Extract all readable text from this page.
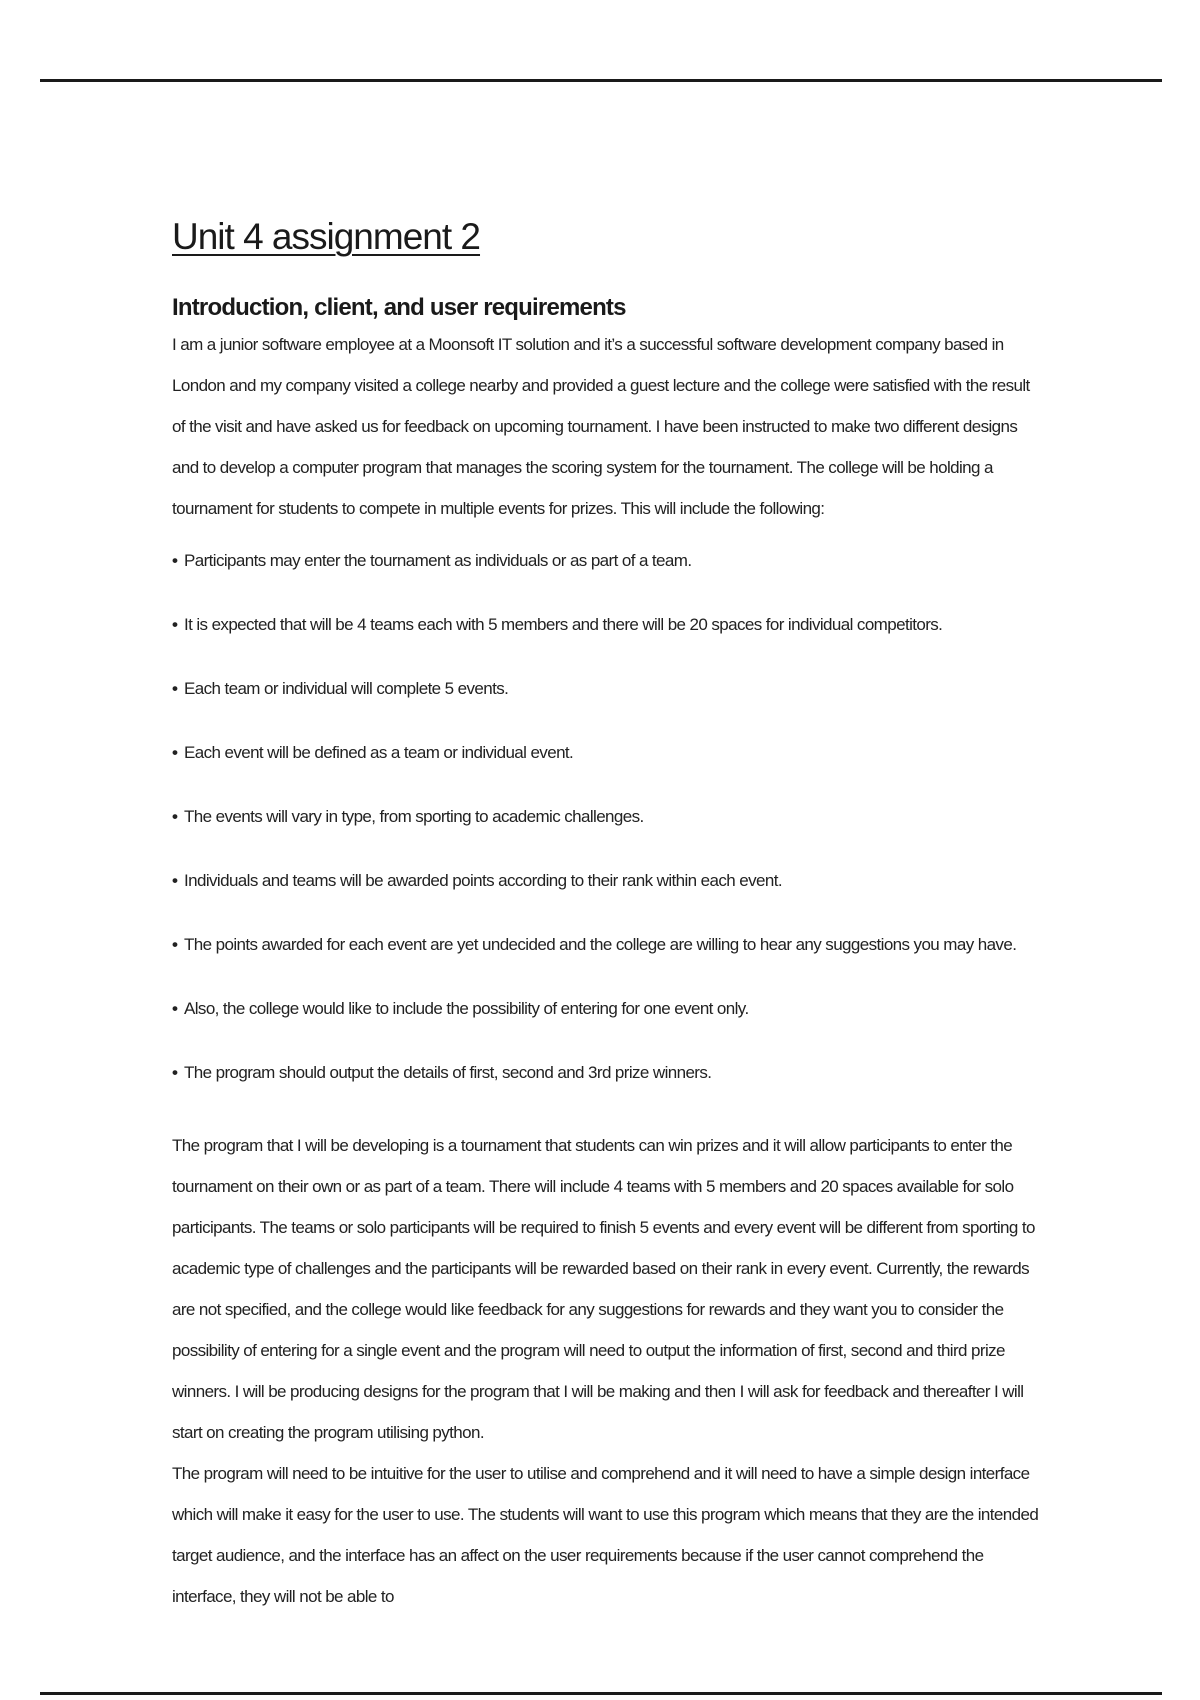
Unit 4 assignment 2
Introduction, client, and user requirements

I am a junior software employee at a Moonsoft IT solution and it’s a successful software development company based in London and my company visited a college nearby and provided a guest lecture and the college were satisfied with the result of the visit and have asked us for feedback on upcoming tournament. I have been instructed to make two different designs and to develop a computer program that manages the scoring system for the tournament. The college will be holding a tournament for students to compete in multiple events for prizes. This will include the following:

• Participants may enter the tournament as individuals or as part of a team.
• It is expected that will be 4 teams each with 5 members and there will be 20 spaces for individual competitors.
• Each team or individual will complete 5 events.
• Each event will be defined as a team or individual event.
• The events will vary in type, from sporting to academic challenges.
• Individuals and teams will be awarded points according to their rank within each event.
• The points awarded for each event are yet undecided and the college are willing to hear any suggestions you may have.
• Also, the college would like to include the possibility of entering for one event only.
• The program should output the details of first, second and 3rd prize winners.

The program that I will be developing is a tournament that students can win prizes and it will allow participants to enter the tournament on their own or as part of a team. There will include 4 teams with 5 members and 20 spaces available for solo participants. The teams or solo participants will be required to finish 5 events and every event will be different from sporting to academic type of challenges and the participants will be rewarded based on their rank in every event. Currently, the rewards are not specified, and the college would like feedback for any suggestions for rewards and they want you to consider the possibility of entering for a single event and the program will need to output the information of first, second and third prize winners. I will be producing designs for the program that I will be making and then I will ask for feedback and thereafter I will start on creating the program utilising python.

The program will need to be intuitive for the user to utilise and comprehend and it will need to have a simple design interface which will make it easy for the user to use. The students will want to use this program which means that they are the intended target audience, and the interface has an affect on the user requirements because if the user cannot comprehend the interface, they will not be able to
